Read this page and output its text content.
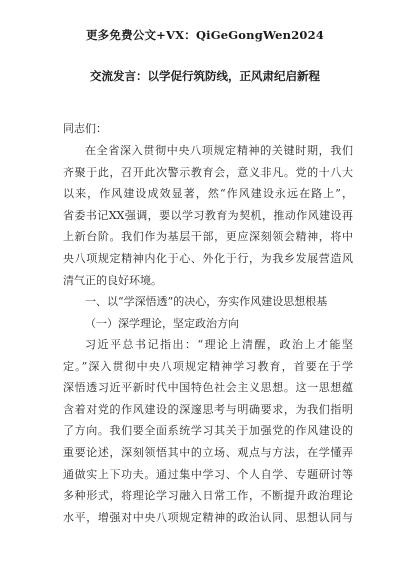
更多免费公文+VX：QiGeGongWen2024
交流发言：以学促行筑防线，正风肃纪启新程
同志们：
在全省深入贯彻中央八项规定精神的关键时期，我们
齐聚于此，召开此次警示教育会，意义非凡。党的十八大
以来，作风建设成效显著，然“作风建设永远在路上”，
省委书记XX强调，要以学习教育为契机，推动作风建设再
上新台阶。我们作为基层干部，更应深刻领会精神，将中
央八项规定精神内化于心、外化于行，为我乡发展营造风
清气正的良好环境。
一、以“学深悟透”的决心，夯实作风建设思想根基
（一）深学理论，坚定政治方向
习近平总书记指出：“理论上清醒，政治上才能坚
定。”深入贯彻中央八项规定精神学习教育，首要在于学
深悟透习近平新时代中国特色社会主义思想。这一思想蕴
含着对党的作风建设的深邃思考与明确要求，为我们指明
了方向。我们要全面系统学习其关于加强党的作风建设的
重要论述，深刻领悟其中的立场、观点与方法，在学懂弄
通做实上下功夫。通过集中学习、个人自学、专题研讨等
多种形式，将理论学习融入日常工作，不断提升政治理论
水平，增强对中央八项规定精神的政治认同、思想认同与
